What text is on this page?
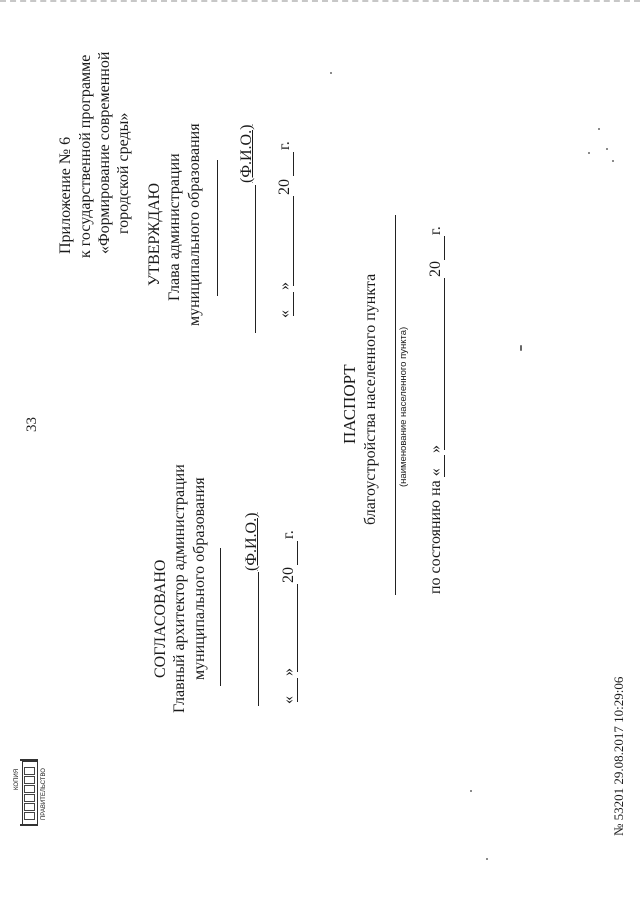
33
Приложение № 6 к государственной программе «Формирование современной городской среды»
УТВЕРЖДАЮ Глава администрации муниципального образования (Ф.И.О.)
«
»
20
г.
ПАСПОРТ благоустройства населенного пункта (наименование населенного пункта)
по состоянию на «
»
20
г.
СОГЛАСОВАНО Главный архитектор администрации муниципального образования (Ф.И.О.)
«
»
20
г.
№ 53201 29.08.2017 10:29:06
ПРАВИТЕЛЬСТВО
КОПИЯ
